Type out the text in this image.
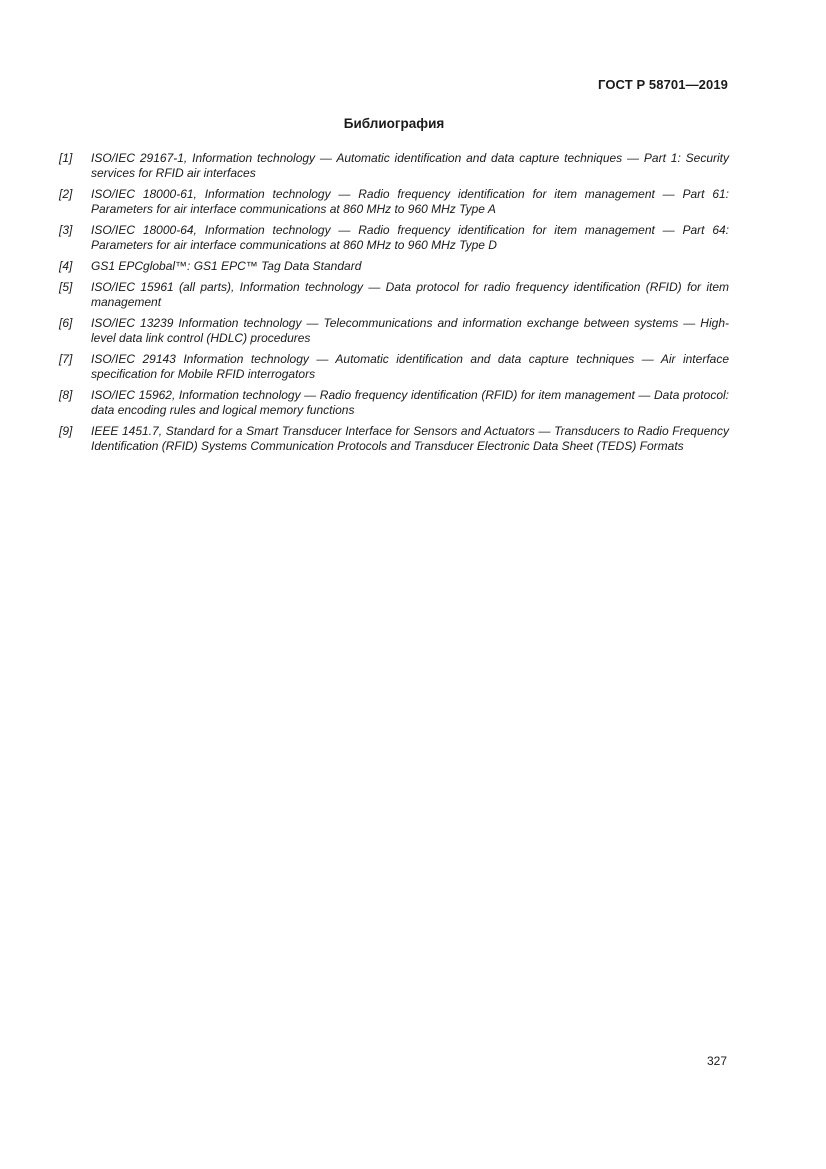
ГОСТ Р 58701—2019
Библиография
[1]	ISO/IEC 29167-1, Information technology — Automatic identification and data capture techniques — Part 1: Security services for RFID air interfaces
[2]	ISO/IEC 18000-61, Information technology — Radio frequency identification for item management — Part 61: Parameters for air interface communications at 860 MHz to 960 MHz Type A
[3]	ISO/IEC 18000-64, Information technology — Radio frequency identification for item management — Part 64: Parameters for air interface communications at 860 MHz to 960 MHz Type D
[4]	GS1 EPCglobal™: GS1 EPC™ Tag Data Standard
[5]	ISO/IEC 15961 (all parts), Information technology — Data protocol for radio frequency identification (RFID) for item management
[6]	ISO/IEC 13239 Information technology — Telecommunications and information exchange between systems — High-level data link control (HDLC) procedures
[7]	ISO/IEC 29143 Information technology — Automatic identification and data capture techniques — Air interface specification for Mobile RFID interrogators
[8]	ISO/IEC 15962, Information technology — Radio frequency identification (RFID) for item management — Data protocol: data encoding rules and logical memory functions
[9]	IEEE 1451.7, Standard for a Smart Transducer Interface for Sensors and Actuators — Transducers to Radio Frequency Identification (RFID) Systems Communication Protocols and Transducer Electronic Data Sheet (TEDS) Formats
327
